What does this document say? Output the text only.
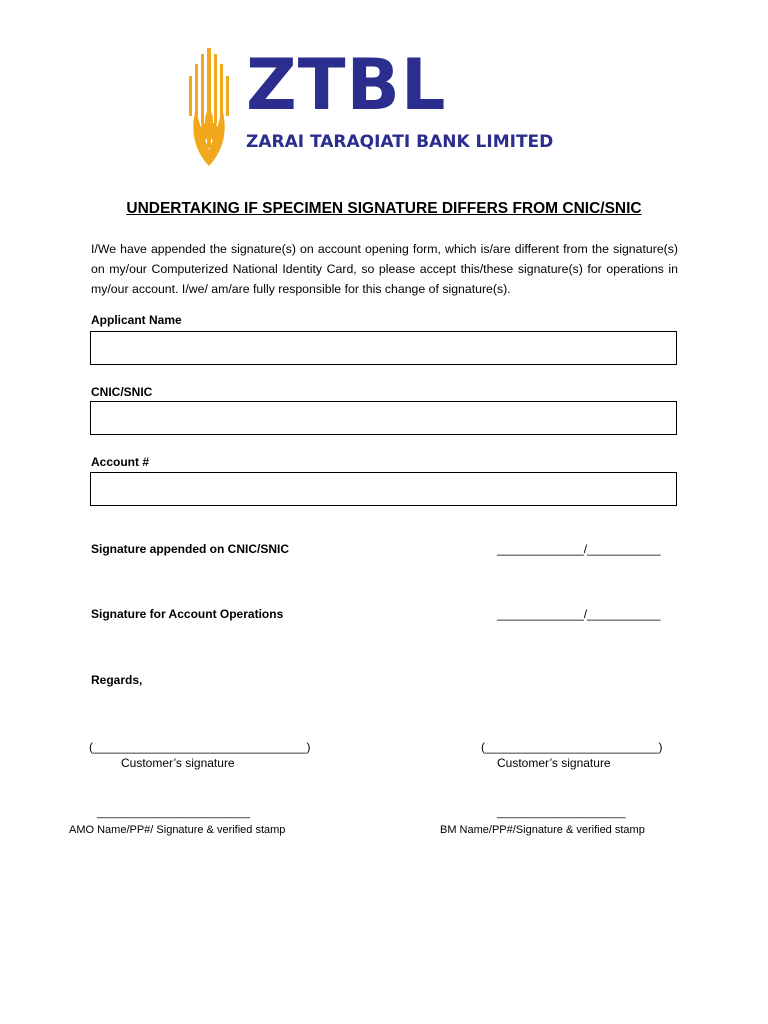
ZTBL
ZARAI TARAQIATI BANK LIMITED
UNDERTAKING IF SPECIMEN SIGNATURE DIFFERS FROM CNIC/SNIC
I/We have appended the signature(s) on account opening form, which is/are different from the signature(s) on my/our Computerized National Identity Card, so please accept this/these signature(s) for operations in my/our account. I/we/ am/are fully responsible for this change of signature(s).
Applicant Name
CNIC/SNIC
Account #
Signature appended on CNIC/SNIC	_____________/___________
Signature for Account Operations	_____________/___________
Regards,
(________________________________)
Customer’s signature
(__________________________)
Customer’s signature
_________________________
AMO Name/PP#/ Signature & verified stamp
_____________________
BM Name/PP#/Signature & verified stamp
